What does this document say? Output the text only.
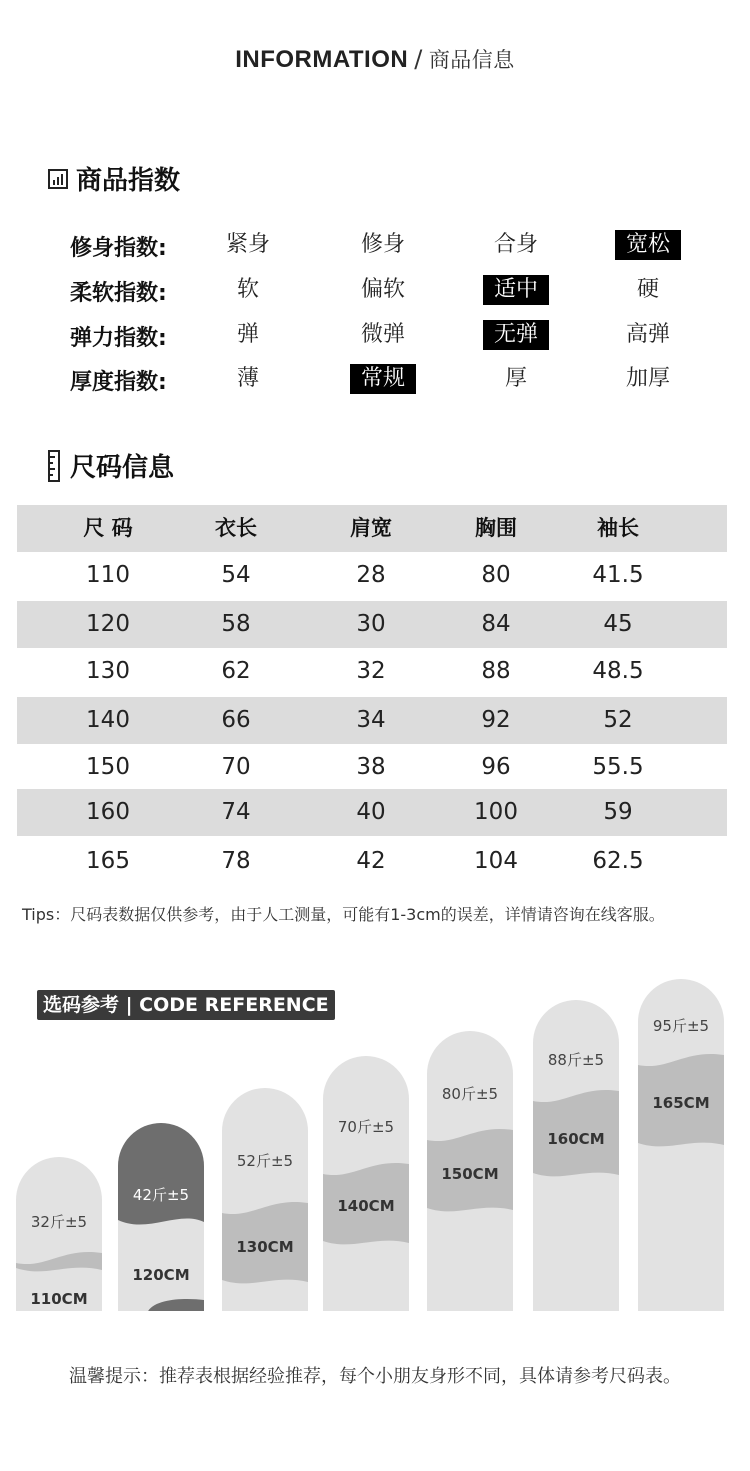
INFORMATION / 商品信息
商品指数
修身指数:	紧身	修身	合身	宽松
柔软指数:	软	偏软	适中	硬
弹力指数:	弹	微弹	无弹	高弹
厚度指数:	薄	常规	厚	加厚
尺码信息
尺 码	衣长	肩宽	胸围	袖长
110	54	28	80	41.5
120	58	30	84	45
130	62	32	88	48.5
140	66	34	92	52
150	70	38	96	55.5
160	74	40	100	59
165	78	42	104	62.5
Tips：尺码表数据仅供参考，由于人工测量，可能有1-3cm的误差，详情请咨询在线客服。
选码参考 | CODE REFERENCE
32斤±5
110CM
42斤±5
120CM
52斤±5
130CM
70斤±5
140CM
80斤±5
150CM
88斤±5
160CM
95斤±5
165CM
温馨提示：推荐表根据经验推荐，每个小朋友身形不同，具体请参考尺码表。
